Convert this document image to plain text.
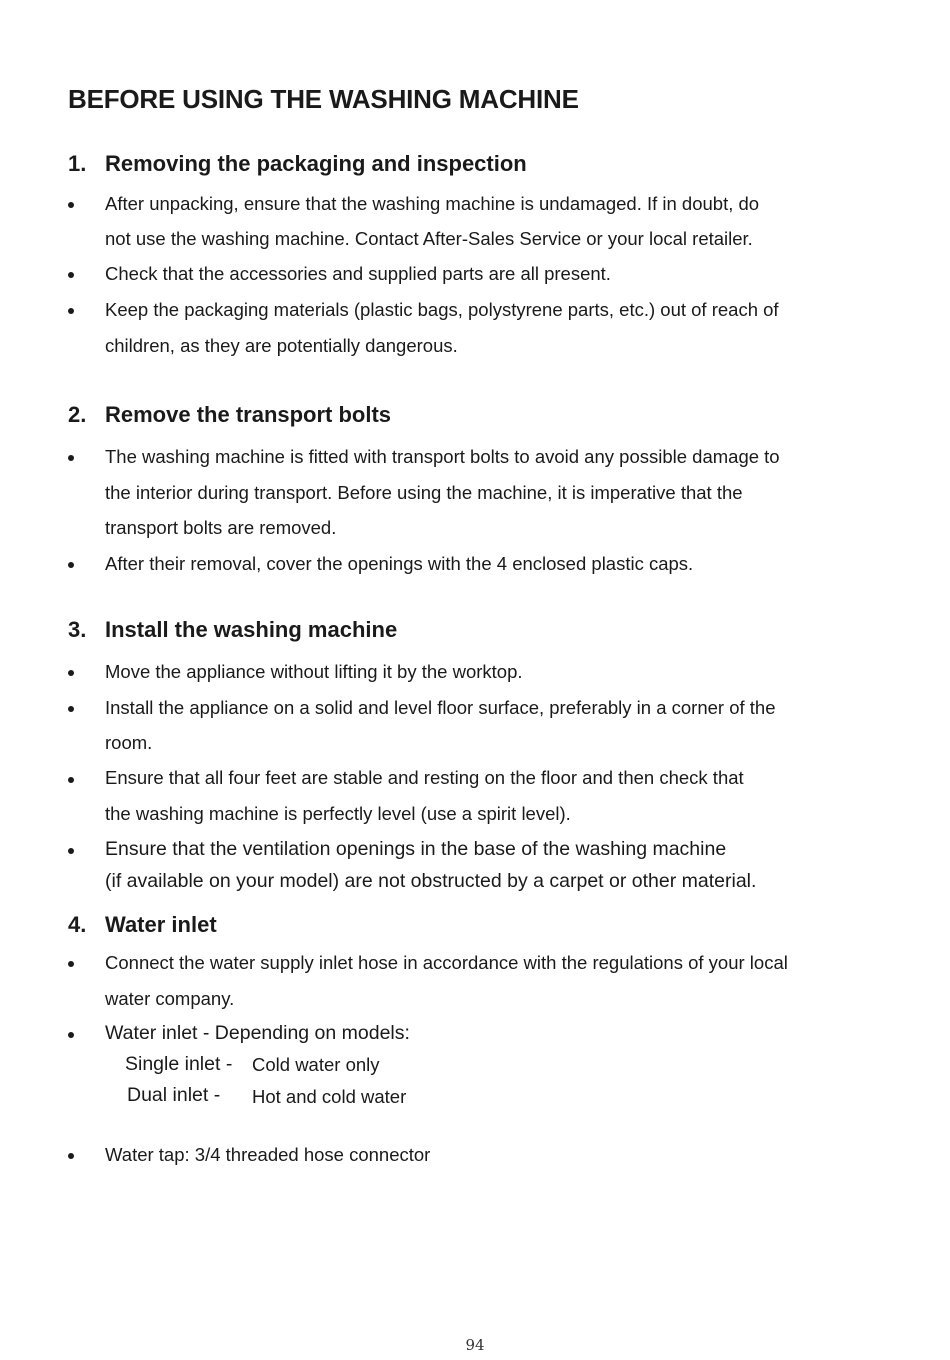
BEFORE USING THE WASHING MACHINE
1. Removing the packaging and inspection
After unpacking, ensure that the washing machine is undamaged. If in doubt, do
not use the washing machine. Contact After-Sales Service or your local retailer.
Check that the accessories and supplied parts are all present.
Keep the packaging materials (plastic bags, polystyrene parts, etc.) out of reach of
children, as they are potentially dangerous.
2. Remove the transport bolts
The washing machine is fitted with transport bolts to avoid any possible damage to
the interior during transport. Before using the machine, it is imperative that the
transport bolts are removed.
After their removal, cover the openings with the 4 enclosed plastic caps.
3. Install the washing machine
Move the appliance without lifting it by the worktop.
Install the appliance on a solid and level floor surface, preferably in a corner of the
room.
Ensure that all four feet are stable and resting on the floor and then check that
the washing machine is perfectly level (use a spirit level).
Ensure that the ventilation openings in the base of the washing machine
(if available on your model) are not obstructed by a carpet or other material.
4. Water inlet
Connect the water supply inlet hose in accordance with the regulations of your local
water company.
Water inlet - Depending on models:
Single inlet - Cold water only
Dual inlet - Hot and cold water
Water tap: 3/4 threaded hose connector
94
